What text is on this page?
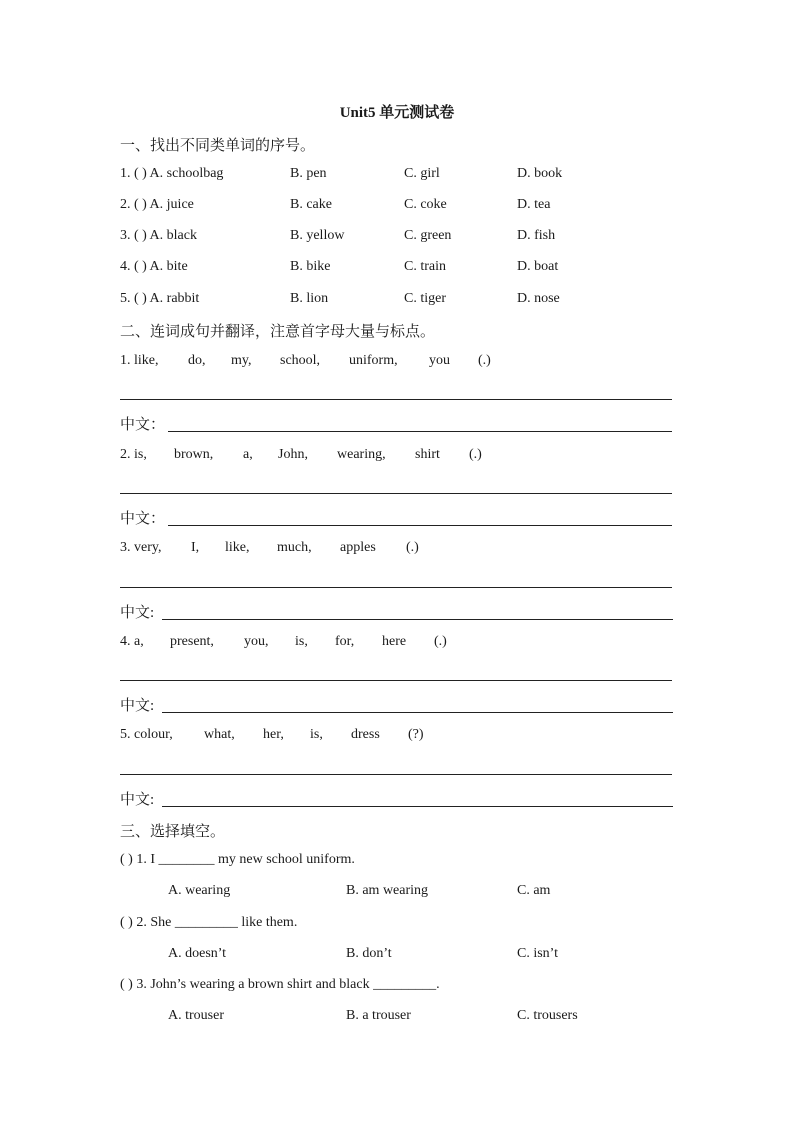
Unit5 单元测试卷
一、找出不同类单词的序号。
1. ( ) A. schoolbag	B. pen	C. girl	D. book
2. ( ) A. juice	B. cake	C. coke	D. tea
3. ( ) A. black	B. yellow	C. green	D. fish
4. ( ) A. bite	B. bike	C. train	D. boat
5. ( ) A. rabbit	B. lion	C. tiger	D. nose
二、连词成句并翻译，注意首字母大量与标点。
1. like, do, my, school, uniform, you (.)
中文：
2. is, brown, a, John, wearing, shirt (.)
中文：
3. very, I, like, much, apples (.)
中文:
4. a, present, you, is, for, here (.)
中文:
5. colour, what, her, is, dress (?)
中文:
三、选择填空。
( ) 1. I ________ my new school uniform.
A. wearing	B. am wearing	C. am
( ) 2. She _________ like them.
A. doesn’t	B. don’t	C. isn’t
( ) 3. John’s wearing a brown shirt and black _________.
A. trouser	B. a trouser	C. trousers
